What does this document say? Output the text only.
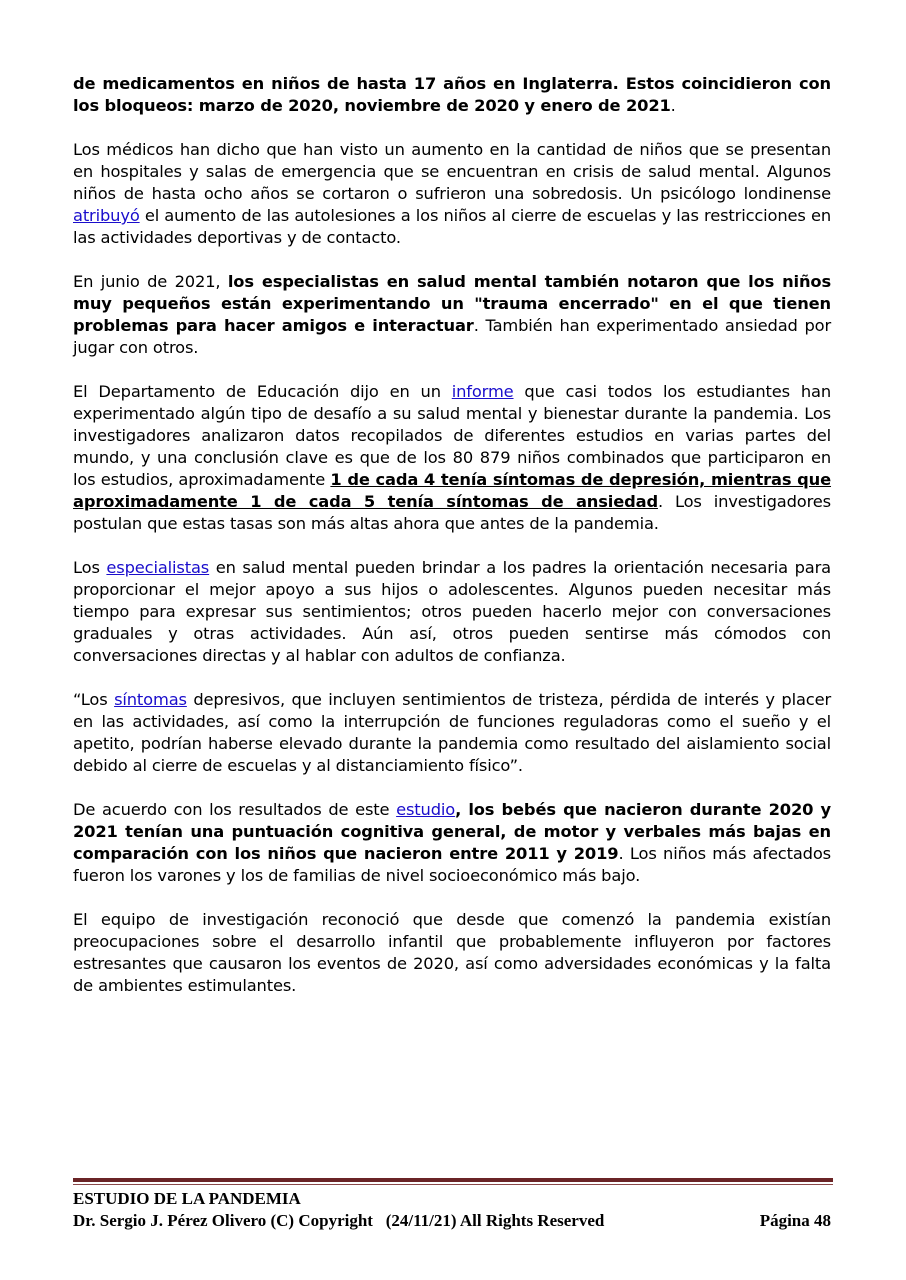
de medicamentos en niños de hasta 17 años en Inglaterra. Estos coincidieron con los bloqueos: marzo de 2020, noviembre de 2020 y enero de 2021.

Los médicos han dicho que han visto un aumento en la cantidad de niños que se presentan en hospitales y salas de emergencia que se encuentran en crisis de salud mental. Algunos niños de hasta ocho años se cortaron o sufrieron una sobredosis. Un psicólogo londinense atribuyó el aumento de las autolesiones a los niños al cierre de escuelas y las restricciones en las actividades deportivas y de contacto.

En junio de 2021, los especialistas en salud mental también notaron que los niños muy pequeños están experimentando un "trauma encerrado" en el que tienen problemas para hacer amigos e interactuar. También han experimentado ansiedad por jugar con otros.

El Departamento de Educación dijo en un informe que casi todos los estudiantes han experimentado algún tipo de desafío a su salud mental y bienestar durante la pandemia. Los investigadores analizaron datos recopilados de diferentes estudios en varias partes del mundo, y una conclusión clave es que de los 80 879 niños combinados que participaron en los estudios, aproximadamente 1 de cada 4 tenía síntomas de depresión, mientras que aproximadamente 1 de cada 5 tenía síntomas de ansiedad. Los investigadores postulan que estas tasas son más altas ahora que antes de la pandemia.

Los especialistas en salud mental pueden brindar a los padres la orientación necesaria para proporcionar el mejor apoyo a sus hijos o adolescentes. Algunos pueden necesitar más tiempo para expresar sus sentimientos; otros pueden hacerlo mejor con conversaciones graduales y otras actividades. Aún así, otros pueden sentirse más cómodos con conversaciones directas y al hablar con adultos de confianza.

“Los síntomas depresivos, que incluyen sentimientos de tristeza, pérdida de interés y placer en las actividades, así como la interrupción de funciones reguladoras como el sueño y el apetito, podrían haberse elevado durante la pandemia como resultado del aislamiento social debido al cierre de escuelas y al distanciamiento físico”.

De acuerdo con los resultados de este estudio, los bebés que nacieron durante 2020 y 2021 tenían una puntuación cognitiva general, de motor y verbales más bajas en comparación con los niños que nacieron entre 2011 y 2019. Los niños más afectados fueron los varones y los de familias de nivel socioeconómico más bajo.

El equipo de investigación reconoció que desde que comenzó la pandemia existían preocupaciones sobre el desarrollo infantil que probablemente influyeron por factores estresantes que causaron los eventos de 2020, así como adversidades económicas y la falta de ambientes estimulantes.

ESTUDIO DE LA PANDEMIA
Dr. Sergio J. Pérez Olivero (C) Copyright   (24/11/21) All Rights Reserved	Página 48
